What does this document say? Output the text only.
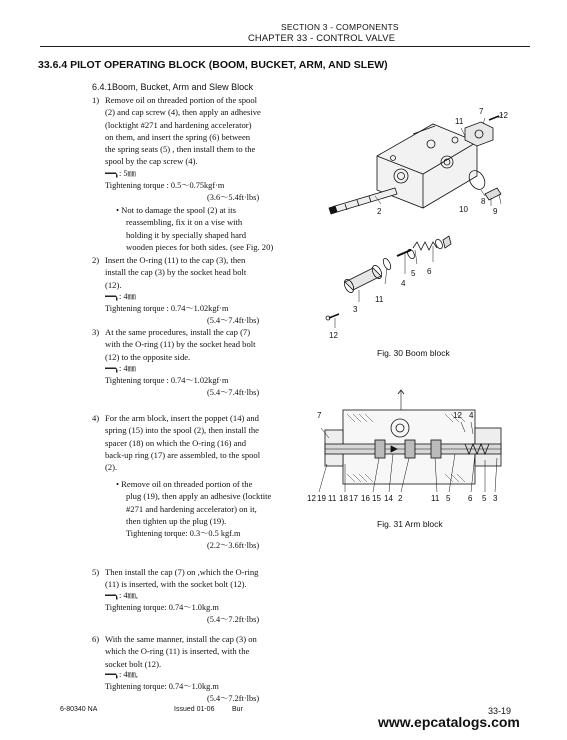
SECTION 3 - COMPONENTS
CHAPTER 33 - CONTROL VALVE
33.6.4 PILOT OPERATING BLOCK (BOOM, BUCKET, ARM, AND SLEW)
6.4.1Boom, Bucket, Arm and Slew Block
1) Remove oil on threaded portion of the spool
(2) and cap screw (4), then apply an adhesive
(locktight #271 and hardening accelerator)
on them, and insert the spring (6) between
the spring seats (5) , then install them to the
spool by the cap screw (4).
: 5㎜
Tightening torque : 0.5～0.75kgf·m
(3.6～5.4ft·lbs)
• Not to damage the spool (2) at its
reassembling, fix it on a vise with
holding it by specially shaped hard
wooden pieces for both sides. (see Fig. 20)
2) Insert the O-ring (11) to the cap (3), then
install the cap (3) by the socket head bolt
(12).
: 4㎜
Tightening torque : 0.74～1.02kgf·m
(5.4～7.4ft·lbs)
3) At the same procedures, install the cap (7)
with the O-ring (11) by the socket head bolt
(12) to the opposite side.
: 4㎜
Tightening torque : 0.74～1.02kgf·m
(5.4～7.4ft·lbs)
4) For the arm block, insert the poppet (14) and
spring (15) into the spool (2), then install the
spacer (18) on which the O-ring (16) and
back-up ring (17) are assembled, to the spool
(2).
• Remove oil on threaded portion of the
plug (19), then apply an adhesive (locktite
#271 and hardening accelerator) on it,
then tighten up the plug (19).
Tightening torque: 0.3～0.5 kgf.m
(2.2～3.6ft·lbs)
5) Then install the cap (7) on ,which the O-ring
(11) is inserted, with the socket bolt (12).
: 4㎜,
Tightening torque: 0.74～1.0kg.m
(5.4～7.2ft·lbs)
6) With the same manner, install the cap (3) on
which the O-ring (11) is inserted, with the
socket bolt (12).
: 4㎜,
Tightening torque: 0.74～1.0kg.m
(5.4～7.2ft·lbs)
7 12
11
8
10	9
2
6
5
4
11
3
12
Fig. 30 Boom block
7	12 4
12 19 11 18 17 16 15 14 2	11 5 6 5 3
Fig. 31 Arm block
6-80340 NA	Issued 01-06	Bur	33-19
www.epcatalogs.com
